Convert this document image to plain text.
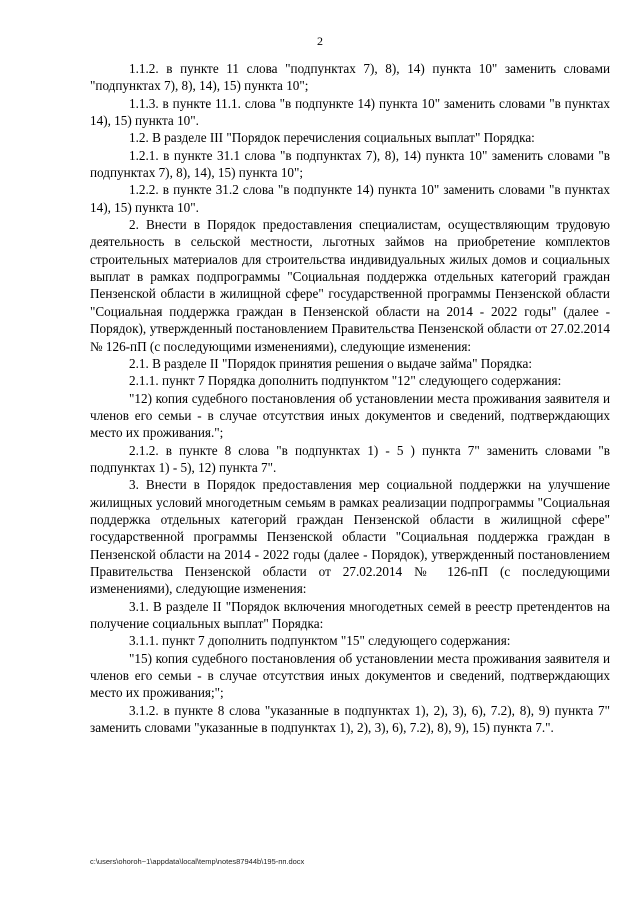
2

1.1.2. в пункте 11 слова "подпунктах 7), 8), 14) пункта 10" заменить словами "подпунктах 7), 8), 14), 15) пункта 10";

1.1.3. в пункте 11.1. слова "в подпункте 14) пункта 10" заменить словами "в пунктах 14), 15) пункта 10".

1.2. В разделе III "Порядок перечисления социальных выплат" Порядка:

1.2.1. в пункте 31.1 слова "в подпунктах 7), 8), 14) пункта 10" заменить словами "в подпунктах 7), 8), 14), 15) пункта 10";

1.2.2. в пункте 31.2 слова "в подпункте 14) пункта 10" заменить словами "в пунктах 14), 15) пункта 10".

2. Внести в Порядок предоставления специалистам, осуществляющим трудовую деятельность в сельской местности, льготных займов на приобретение комплектов строительных материалов для строительства индивидуальных жилых домов и социальных выплат в рамках подпрограммы "Социальная поддержка отдельных категорий граждан Пензенской области в жилищной сфере" государственной программы Пензенской области "Социальная поддержка граждан в Пензенской области на 2014 - 2022 годы" (далее - Порядок), утвержденный постановлением Правительства Пензенской области от 27.02.2014 № 126-пП (с последующими изменениями), следующие изменения:

2.1. В разделе II "Порядок принятия решения о выдаче займа" Порядка:

2.1.1. пункт 7 Порядка дополнить подпунктом "12" следующего содержания:

"12) копия судебного постановления об установлении места проживания заявителя и членов его семьи - в случае отсутствия иных документов и сведений, подтверждающих место их проживания.";

2.1.2. в пункте 8 слова "в подпунктах 1) - 5 ) пункта 7" заменить словами "в подпунктах 1) - 5), 12) пункта 7".

3. Внести в Порядок предоставления мер социальной поддержки на улучшение жилищных условий многодетным семьям в рамках реализации подпрограммы "Социальная поддержка отдельных категорий граждан Пензенской области в жилищной сфере" государственной программы Пензенской области "Социальная поддержка граждан в Пензенской области на 2014 - 2022 годы (далее - Порядок), утвержденный постановлением Правительства Пензенской области от 27.02.2014 № 126-пП (с последующими изменениями), следующие изменения:

3.1. В разделе II "Порядок включения многодетных семей в реестр претендентов на получение социальных выплат" Порядка:

3.1.1. пункт 7 дополнить подпунктом "15" следующего содержания:

"15) копия судебного постановления об установлении места проживания заявителя и членов его семьи - в случае отсутствия иных документов и сведений, подтверждающих место их проживания;";

3.1.2. в пункте 8 слова "указанные в подпунктах 1), 2), 3), 6), 7.2), 8), 9) пункта 7" заменить словами "указанные в подпунктах 1), 2), 3), 6), 7.2), 8), 9), 15) пункта 7.".

c:\users\ohoroh~1\appdata\local\temp\notes87944b\195-пп.docx
